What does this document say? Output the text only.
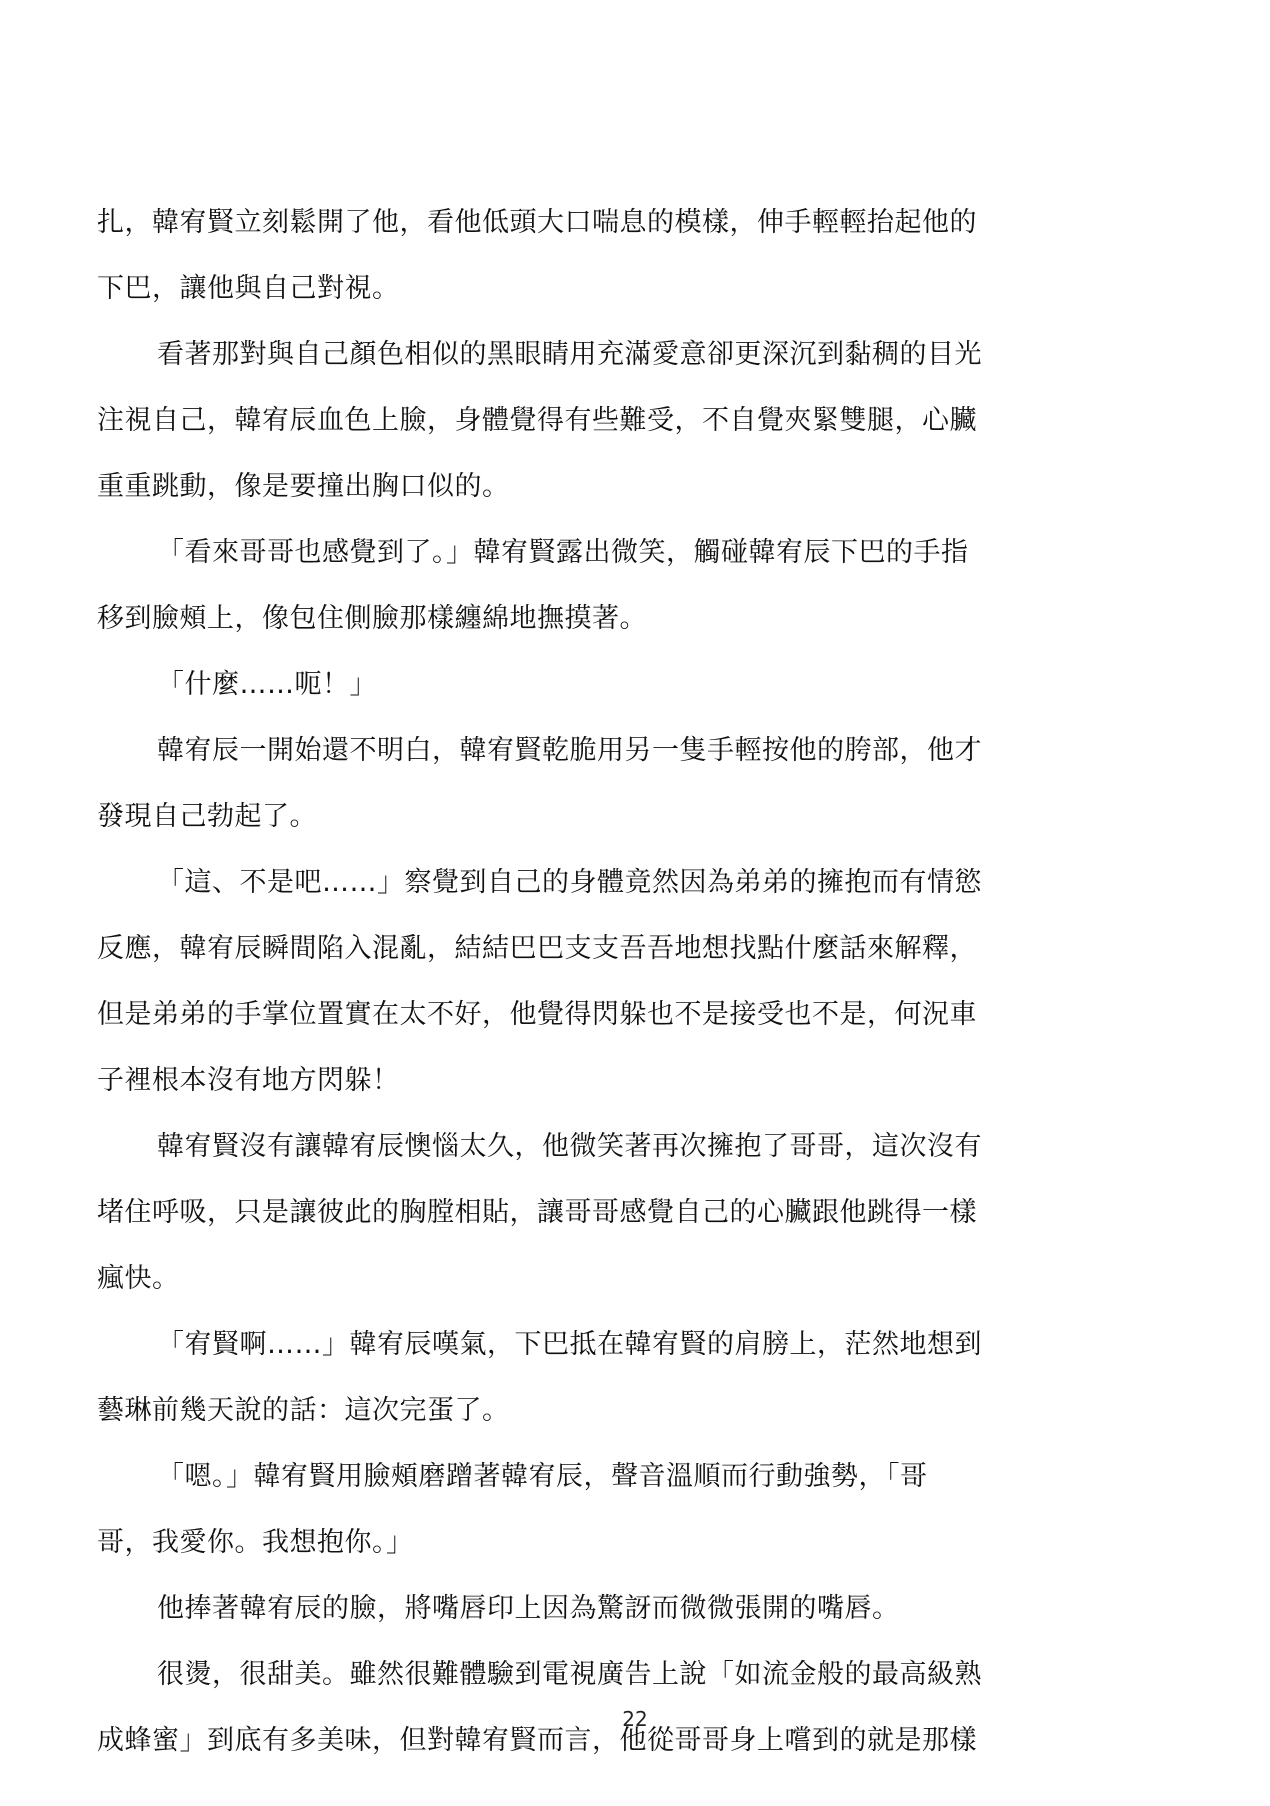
扎，韓宥賢立刻鬆開了他，看他低頭大口喘息的模樣，伸手輕輕抬起他的
下巴，讓他與自己對視。
看著那對與自己顏色相似的黑眼睛用充滿愛意卻更深沉到黏稠的目光
注視自己，韓宥辰血色上臉，身體覺得有些難受，不自覺夾緊雙腿，心臟
重重跳動，像是要撞出胸口似的。
「看來哥哥也感覺到了。」韓宥賢露出微笑，觸碰韓宥辰下巴的手指
移到臉頰上，像包住側臉那樣纏綿地撫摸著。
「什麼……呃！」
韓宥辰一開始還不明白，韓宥賢乾脆用另一隻手輕按他的胯部，他才
發現自己勃起了。
「這、不是吧……」察覺到自己的身體竟然因為弟弟的擁抱而有情慾
反應，韓宥辰瞬間陷入混亂，結結巴巴支支吾吾地想找點什麼話來解釋，
但是弟弟的手掌位置實在太不好，他覺得閃躲也不是接受也不是，何況車
子裡根本沒有地方閃躲！
韓宥賢沒有讓韓宥辰懊惱太久，他微笑著再次擁抱了哥哥，這次沒有
堵住呼吸，只是讓彼此的胸膛相貼，讓哥哥感覺自己的心臟跟他跳得一樣
瘋快。
「宥賢啊……」韓宥辰嘆氣，下巴抵在韓宥賢的肩膀上，茫然地想到
藝琳前幾天說的話：這次完蛋了。
「嗯。」韓宥賢用臉頰磨蹭著韓宥辰，聲音溫順而行動強勢，「哥
哥，我愛你。我想抱你。」
他捧著韓宥辰的臉，將嘴唇印上因為驚訝而微微張開的嘴唇。
很燙，很甜美。雖然很難體驗到電視廣告上說「如流金般的最高級熟
成蜂蜜」到底有多美味，但對韓宥賢而言，他從哥哥身上嚐到的就是那樣
22
